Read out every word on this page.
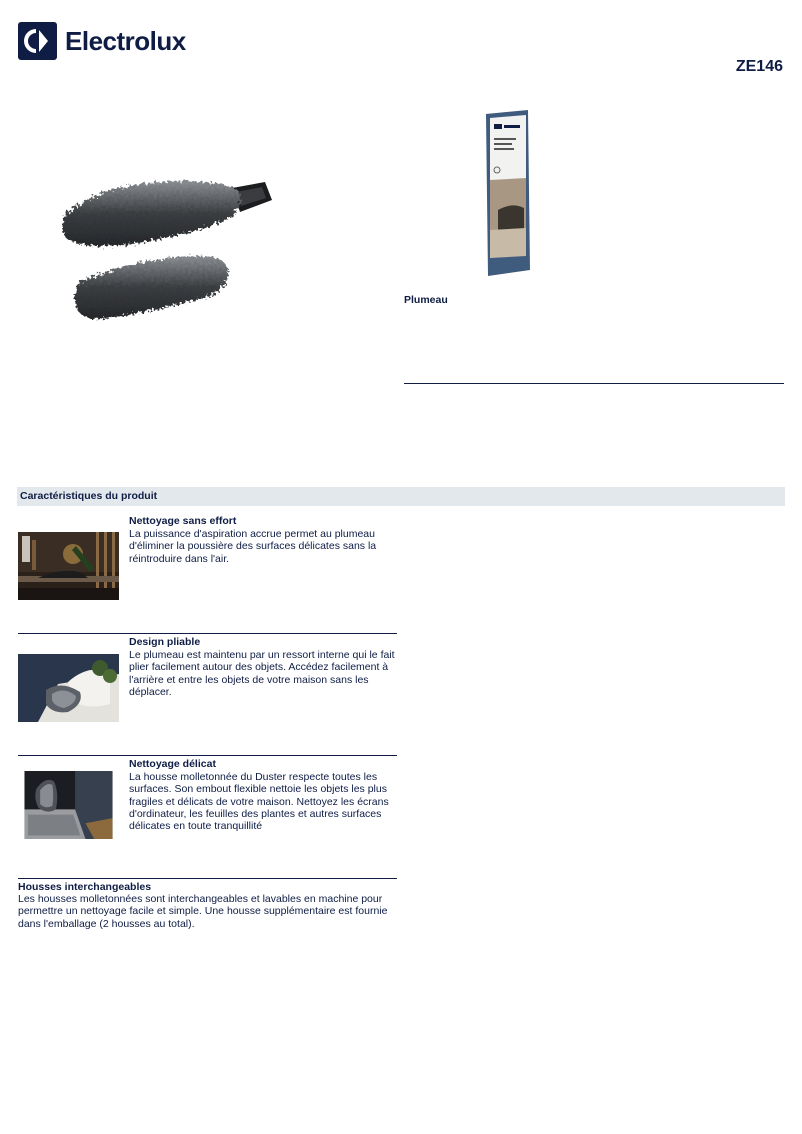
Electrolux
ZE146
Plumeau
Caractéristiques du produit
Nettoyage sans effort
La puissance d'aspiration accrue permet au plumeau d'éliminer la poussière des surfaces délicates sans la réintroduire dans l'air.
Design pliable
Le plumeau est maintenu par un ressort interne qui le fait plier facilement autour des objets. Accédez facilement à l'arrière et entre les objets de votre maison sans les déplacer.
Nettoyage délicat
La housse molletonnée du Duster respecte toutes les surfaces. Son embout flexible nettoie les objets les plus fragiles et délicats de votre maison. Nettoyez les écrans d'ordinateur, les feuilles des plantes et autres surfaces délicates en toute tranquillité
Housses interchangeables
Les housses molletonnées sont interchangeables et lavables en machine pour permettre un nettoyage facile et simple. Une housse supplémentaire est fournie dans l'emballage (2 housses au total).
